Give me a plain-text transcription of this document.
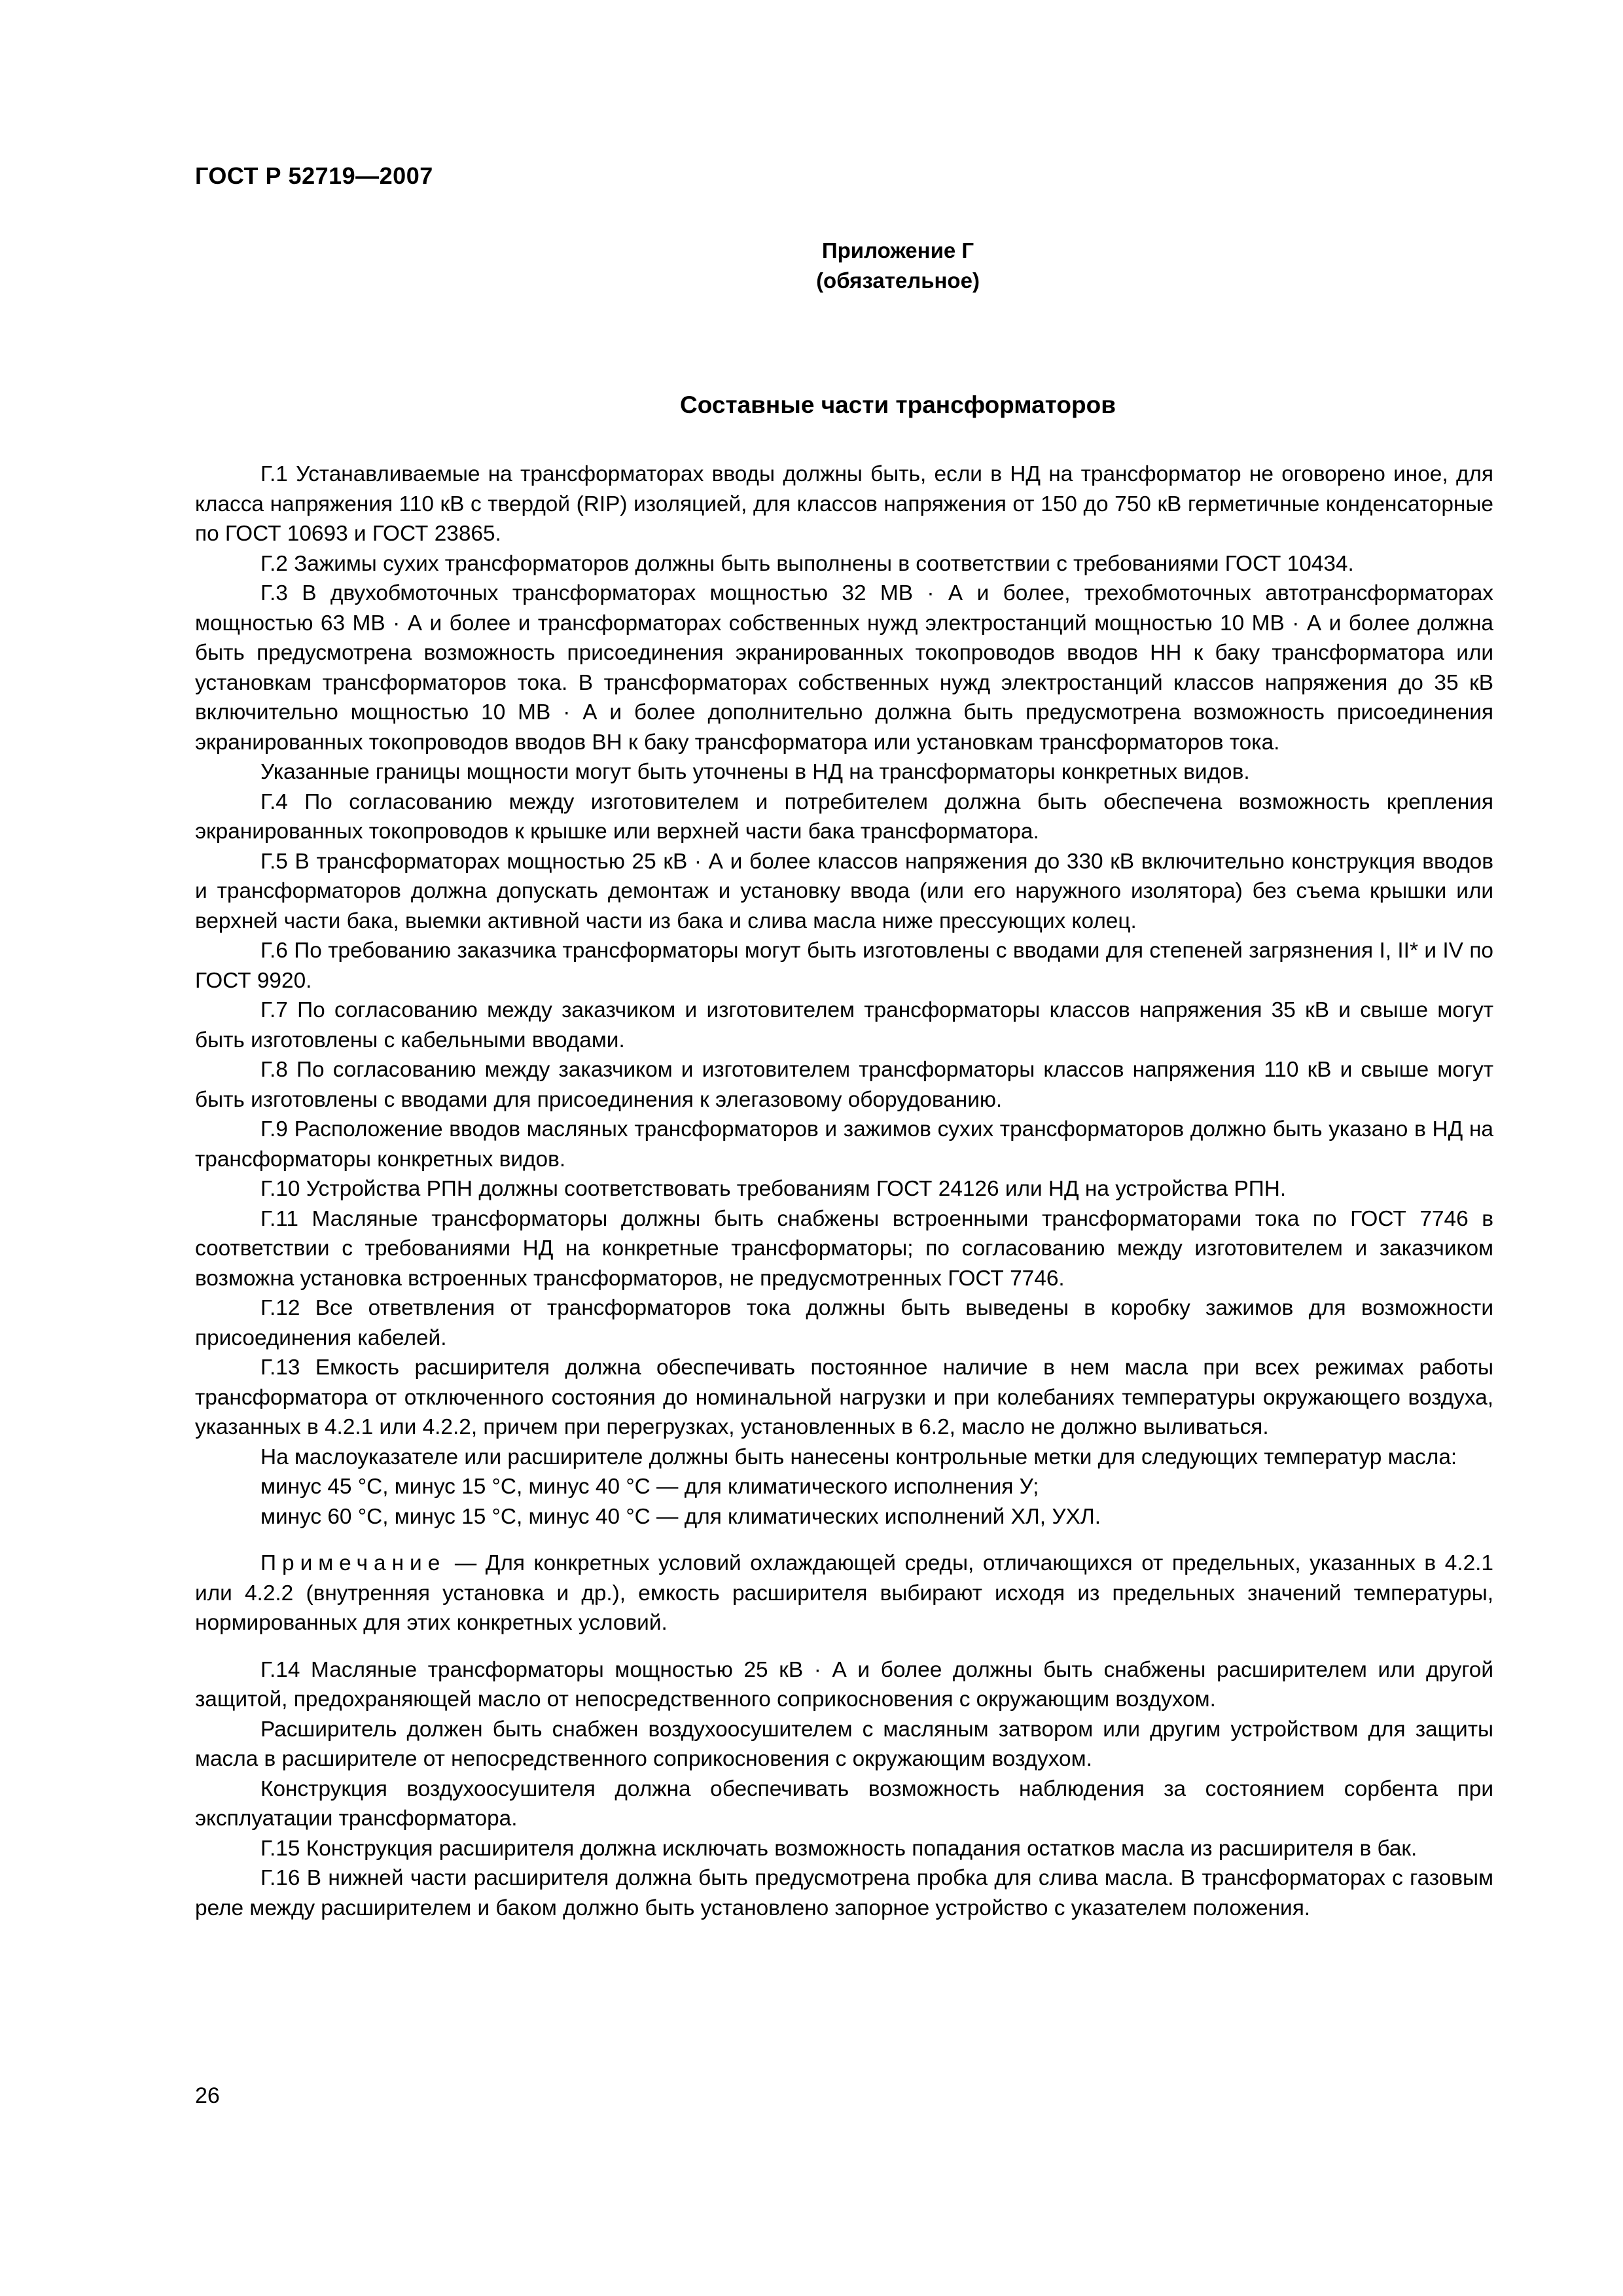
ГОСТ Р 52719—2007
Приложение Г
(обязательное)
Составные части трансформаторов

Г.1 Устанавливаемые на трансформаторах вводы должны быть, если в НД на трансформатор не оговорено иное, для класса напряжения 110 кВ с твердой (RIP) изоляцией, для классов напряжения от 150 до 750 кВ герметичные конденсаторные по ГОСТ 10693 и ГОСТ 23865.

Г.2 Зажимы сухих трансформаторов должны быть выполнены в соответствии с требованиями ГОСТ 10434.

Г.3 В двухобмоточных трансформаторах мощностью 32 МВ · А и более, трехобмоточных автотрансформаторах мощностью 63 МВ · А и более и трансформаторах собственных нужд электростанций мощностью 10 МВ · А и более должна быть предусмотрена возможность присоединения экранированных токопроводов вводов НН к баку трансформатора или установкам трансформаторов тока. В трансформаторах собственных нужд электростанций классов напряжения до 35 кВ включительно мощностью 10 МВ · А и более дополнительно должна быть предусмотрена возможность присоединения экранированных токопроводов вводов ВН к баку трансформатора или установкам трансформаторов тока.

Указанные границы мощности могут быть уточнены в НД на трансформаторы конкретных видов.

Г.4 По согласованию между изготовителем и потребителем должна быть обеспечена возможность крепления экранированных токопроводов к крышке или верхней части бака трансформатора.

Г.5 В трансформаторах мощностью 25 кВ · А и более классов напряжения до 330 кВ включительно конструкция вводов и трансформаторов должна допускать демонтаж и установку ввода (или его наружного изолятора) без съема крышки или верхней части бака, выемки активной части из бака и слива масла ниже прессующих колец.

Г.6 По требованию заказчика трансформаторы могут быть изготовлены с вводами для степеней загрязнения I, II* и IV по ГОСТ 9920.

Г.7 По согласованию между заказчиком и изготовителем трансформаторы классов напряжения 35 кВ и свыше могут быть изготовлены с кабельными вводами.

Г.8 По согласованию между заказчиком и изготовителем трансформаторы классов напряжения 110 кВ и свыше могут быть изготовлены с вводами для присоединения к элегазовому оборудованию.

Г.9 Расположение вводов масляных трансформаторов и зажимов сухих трансформаторов должно быть указано в НД на трансформаторы конкретных видов.

Г.10 Устройства РПН должны соответствовать требованиям ГОСТ 24126 или НД на устройства РПН.

Г.11 Масляные трансформаторы должны быть снабжены встроенными трансформаторами тока по ГОСТ 7746 в соответствии с требованиями НД на конкретные трансформаторы; по согласованию между изготовителем и заказчиком возможна установка встроенных трансформаторов, не предусмотренных ГОСТ 7746.

Г.12 Все ответвления от трансформаторов тока должны быть выведены в коробку зажимов для возможности присоединения кабелей.

Г.13 Емкость расширителя должна обеспечивать постоянное наличие в нем масла при всех режимах работы трансформатора от отключенного состояния до номинальной нагрузки и при колебаниях температуры окружающего воздуха, указанных в 4.2.1 или 4.2.2, причем при перегрузках, установленных в 6.2, масло не должно выливаться.

На маслоуказателе или расширителе должны быть нанесены контрольные метки для следующих температур масла:

минус 45 °С, минус 15 °С, минус 40 °С — для климатического исполнения У;

минус 60 °С, минус 15 °С, минус 40 °С — для климатических исполнений ХЛ, УХЛ.

Примечание — Для конкретных условий охлаждающей среды, отличающихся от предельных, указанных в 4.2.1 или 4.2.2 (внутренняя установка и др.), емкость расширителя выбирают исходя из предельных значений температуры, нормированных для этих конкретных условий.

Г.14 Масляные трансформаторы мощностью 25 кВ · А и более должны быть снабжены расширителем или другой защитой, предохраняющей масло от непосредственного соприкосновения с окружающим воздухом.

Расширитель должен быть снабжен воздухоосушителем с масляным затвором или другим устройством для защиты масла в расширителе от непосредственного соприкосновения с окружающим воздухом.

Конструкция воздухоосушителя должна обеспечивать возможность наблюдения за состоянием сорбента при эксплуатации трансформатора.

Г.15 Конструкция расширителя должна исключать возможность попадания остатков масла из расширителя в бак.

Г.16 В нижней части расширителя должна быть предусмотрена пробка для слива масла. В трансформаторах с газовым реле между расширителем и баком должно быть установлено запорное устройство с указателем положения.

26
